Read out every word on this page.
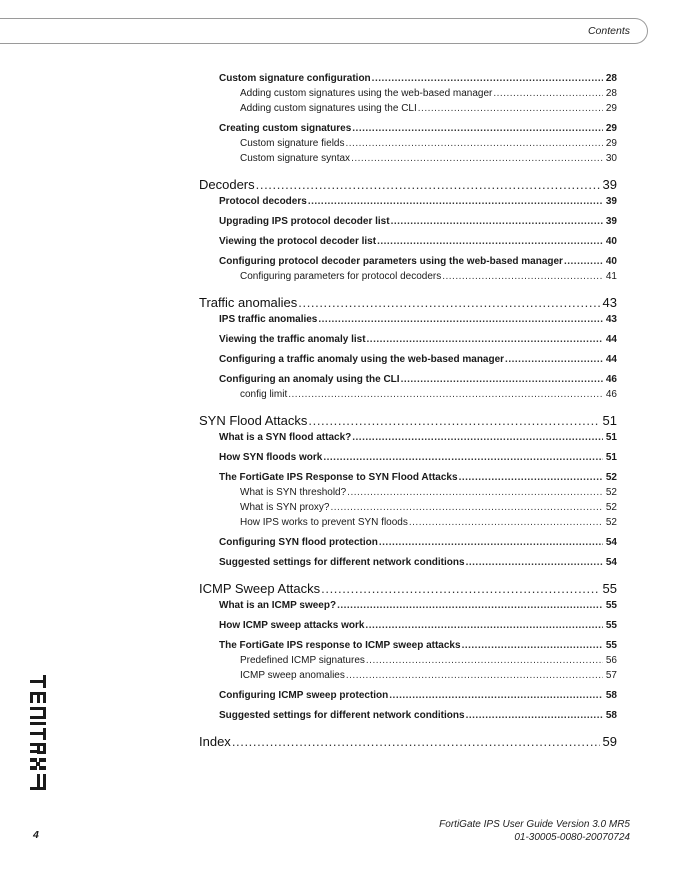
Contents
Custom signature configuration .....	28
Adding custom signatures using the web-based manager .....	28
Adding custom signatures using the CLI .....	29
Creating custom signatures .....	29
Custom signature fields .....	29
Custom signature syntax .....	30
Decoders .....	39
Protocol decoders .....	39
Upgrading IPS protocol decoder list .....	39
Viewing the protocol decoder list .....	40
Configuring protocol decoder parameters using the web-based manager .....	40
Configuring parameters for protocol decoders .....	41
Traffic anomalies .....	43
IPS traffic anomalies .....	43
Viewing the traffic anomaly list .....	44
Configuring a traffic anomaly using the web-based manager .....	44
Configuring an anomaly using the CLI .....	46
config limit .....	46
SYN Flood Attacks .....	51
What is a SYN flood attack? .....	51
How SYN floods work .....	51
The FortiGate IPS Response to SYN Flood Attacks .....	52
What is SYN threshold? .....	52
What is SYN proxy? .....	52
How IPS works to prevent SYN floods .....	52
Configuring SYN flood protection .....	54
Suggested settings for different network conditions .....	54
ICMP Sweep Attacks .....	55
What is an ICMP sweep? .....	55
How ICMP sweep attacks work .....	55
The FortiGate IPS response to ICMP sweep attacks .....	55
Predefined ICMP signatures .....	56
ICMP sweep anomalies .....	57
Configuring ICMP sweep protection .....	58
Suggested settings for different network conditions .....	58
Index .....	59
4
FortiGate IPS User Guide Version 3.0 MR5
01-30005-0080-20070724
